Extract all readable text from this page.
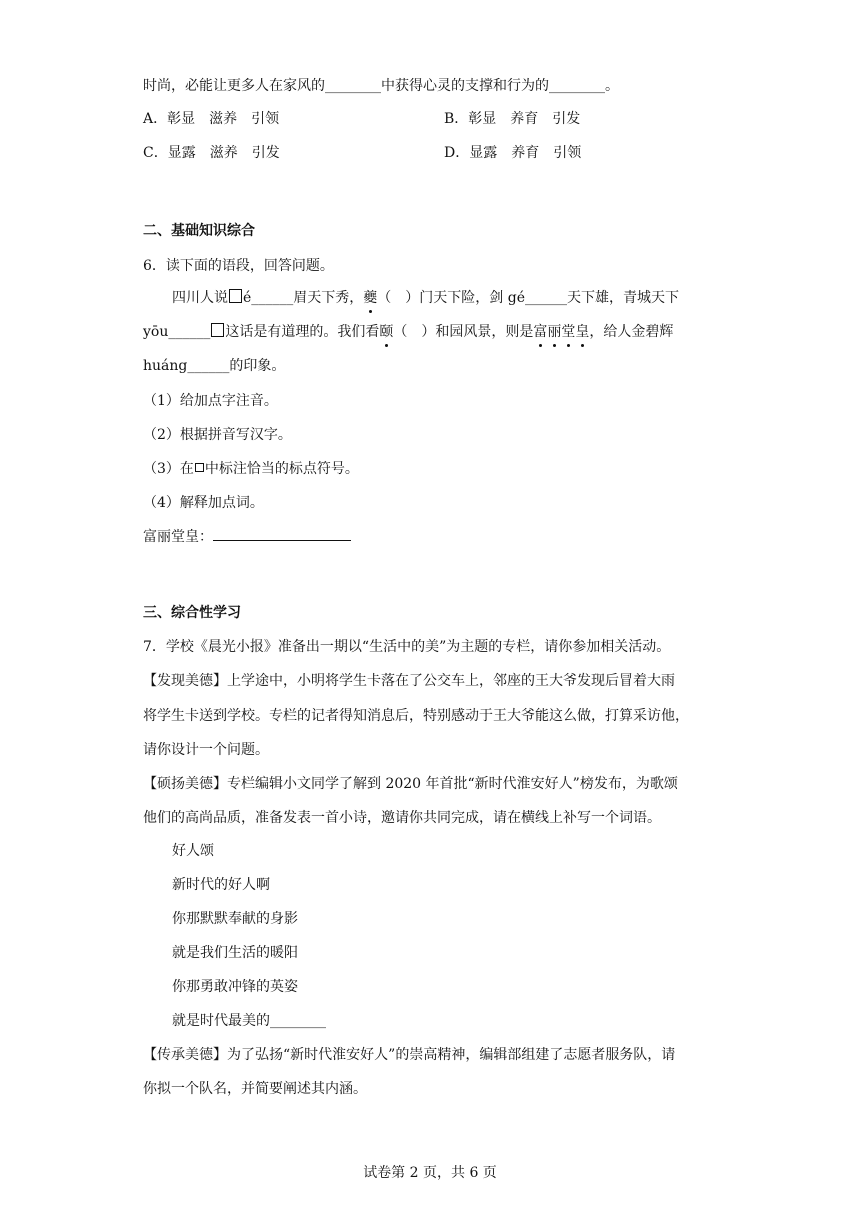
时尚，必能让更多人在家风的________中获得心灵的支撑和行为的________。
A．彰显　滋养　引领	B．彰显　养育　引发
C．显露　滋养　引发	D．显露　养育　引领
二、基础知识综合
6．读下面的语段，回答问题。
四川人说 é______眉天下秀，夔（　）门天下险，剑 gé______天下雄，青城天下
yōu______ 这话是有道理的。我们看颐（　）和园风景，则是富丽堂皇，给人金碧辉
huáng______的印象。
（1）给加点字注音。
（2）根据拼音写汉字。
（3）在 中标注恰当的标点符号。
（4）解释加点词。
富丽堂皇：
三、综合性学习
7．学校《晨光小报》准备出一期以“生活中的美”为主题的专栏，请你参加相关活动。
【发现美德】上学途中，小明将学生卡落在了公交车上，邻座的王大爷发现后冒着大雨
将学生卡送到学校。专栏的记者得知消息后，特别感动于王大爷能这么做，打算采访他，
请你设计一个问题。
【硕扬美德】专栏编辑小文同学了解到 2020 年首批“新时代淮安好人”榜发布，为歌颂
他们的高尚品质，准备发表一首小诗，邀请你共同完成，请在横线上补写一个词语。
好人颂
新时代的好人啊
你那默默奉献的身影
就是我们生活的暖阳
你那勇敢冲锋的英姿
就是时代最美的________
【传承美德】为了弘扬“新时代淮安好人”的崇高精神，编辑部组建了志愿者服务队，请
你拟一个队名，并简要阐述其内涵。
试卷第 2 页，共 6 页
